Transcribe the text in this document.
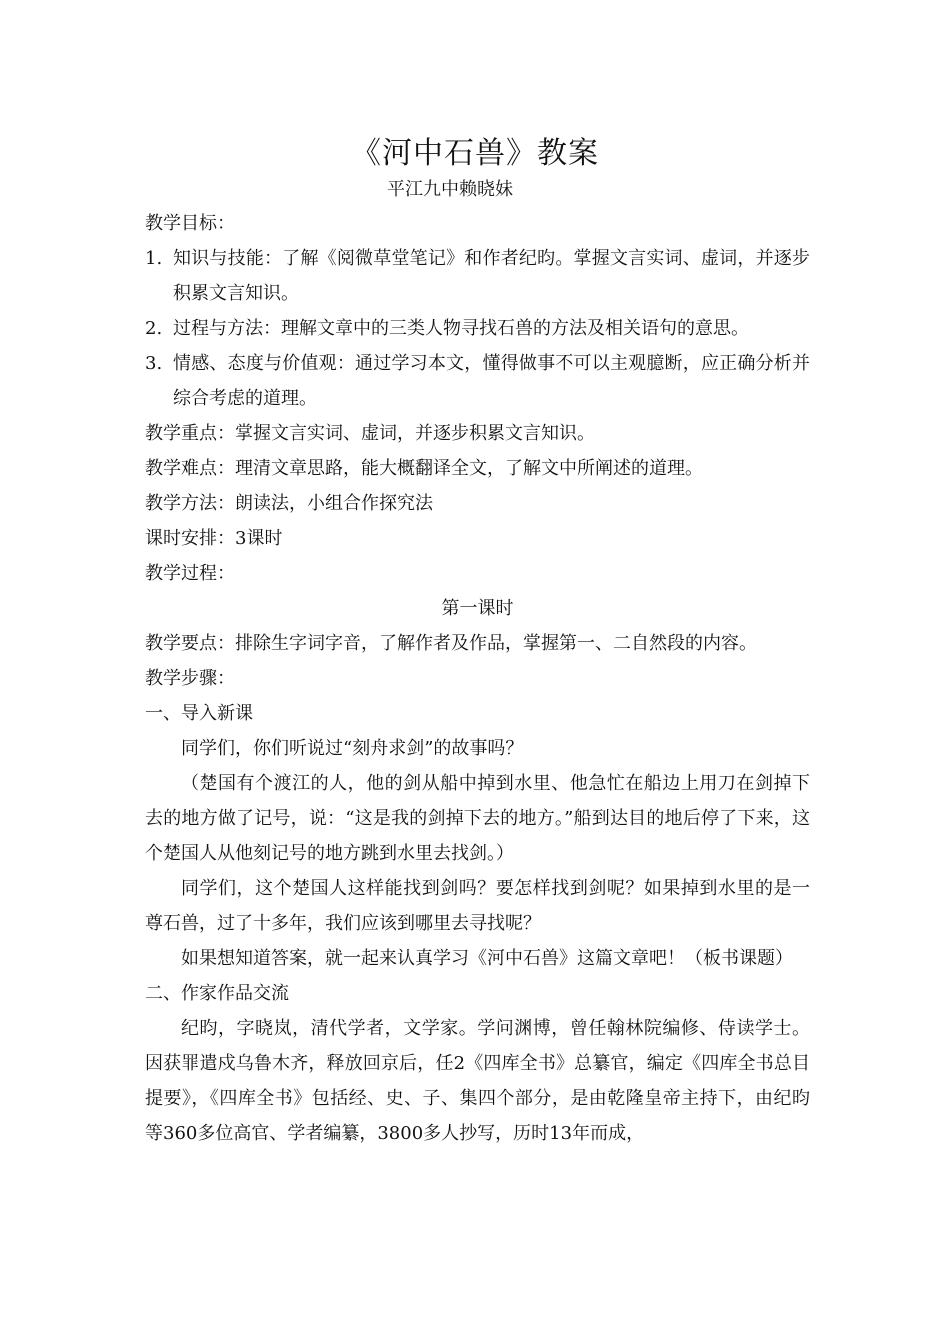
《河中石兽》教案
平江九中赖晓妹

教学目标：

1. 知识与技能：了解《阅微草堂笔记》和作者纪昀。掌握文言实词、虚词，并逐步积累文言知识。
2. 过程与方法：理解文章中的三类人物寻找石兽的方法及相关语句的意思。
3. 情感、态度与价值观：通过学习本文，懂得做事不可以主观臆断，应正确分析并综合考虑的道理。

教学重点：掌握文言实词、虚词，并逐步积累文言知识。

教学难点：理清文章思路，能大概翻译全文，了解文中所阐述的道理。

教学方法：朗读法，小组合作探究法

课时安排：3课时

教学过程：

第一课时

教学要点：排除生字词字音，了解作者及作品，掌握第一、二自然段的内容。

教学步骤：

一、导入新课

同学们，你们听说过“刻舟求剑”的故事吗？

（楚国有个渡江的人，他的剑从船中掉到水里、他急忙在船边上用刀在剑掉下去的地方做了记号，说：“这是我的剑掉下去的地方。”船到达目的地后停了下来，这个楚国人从他刻记号的地方跳到水里去找剑。）

同学们，这个楚国人这样能找到剑吗？要怎样找到剑呢？如果掉到水里的是一尊石兽，过了十多年，我们应该到哪里去寻找呢？

如果想知道答案，就一起来认真学习《河中石兽》这篇文章吧！（板书课题）

二、作家作品交流

纪昀，字晓岚，清代学者，文学家。学问渊博，曾任翰林院编修、侍读学士。因获罪遣戍乌鲁木齐，释放回京后，任2《四库全书》总纂官，编定《四库全书总目提要》，《四库全书》包括经、史、子、集四个部分，是由乾隆皇帝主持下，由纪昀等360多位高官、学者编纂，3800多人抄写，历时13年而成，
